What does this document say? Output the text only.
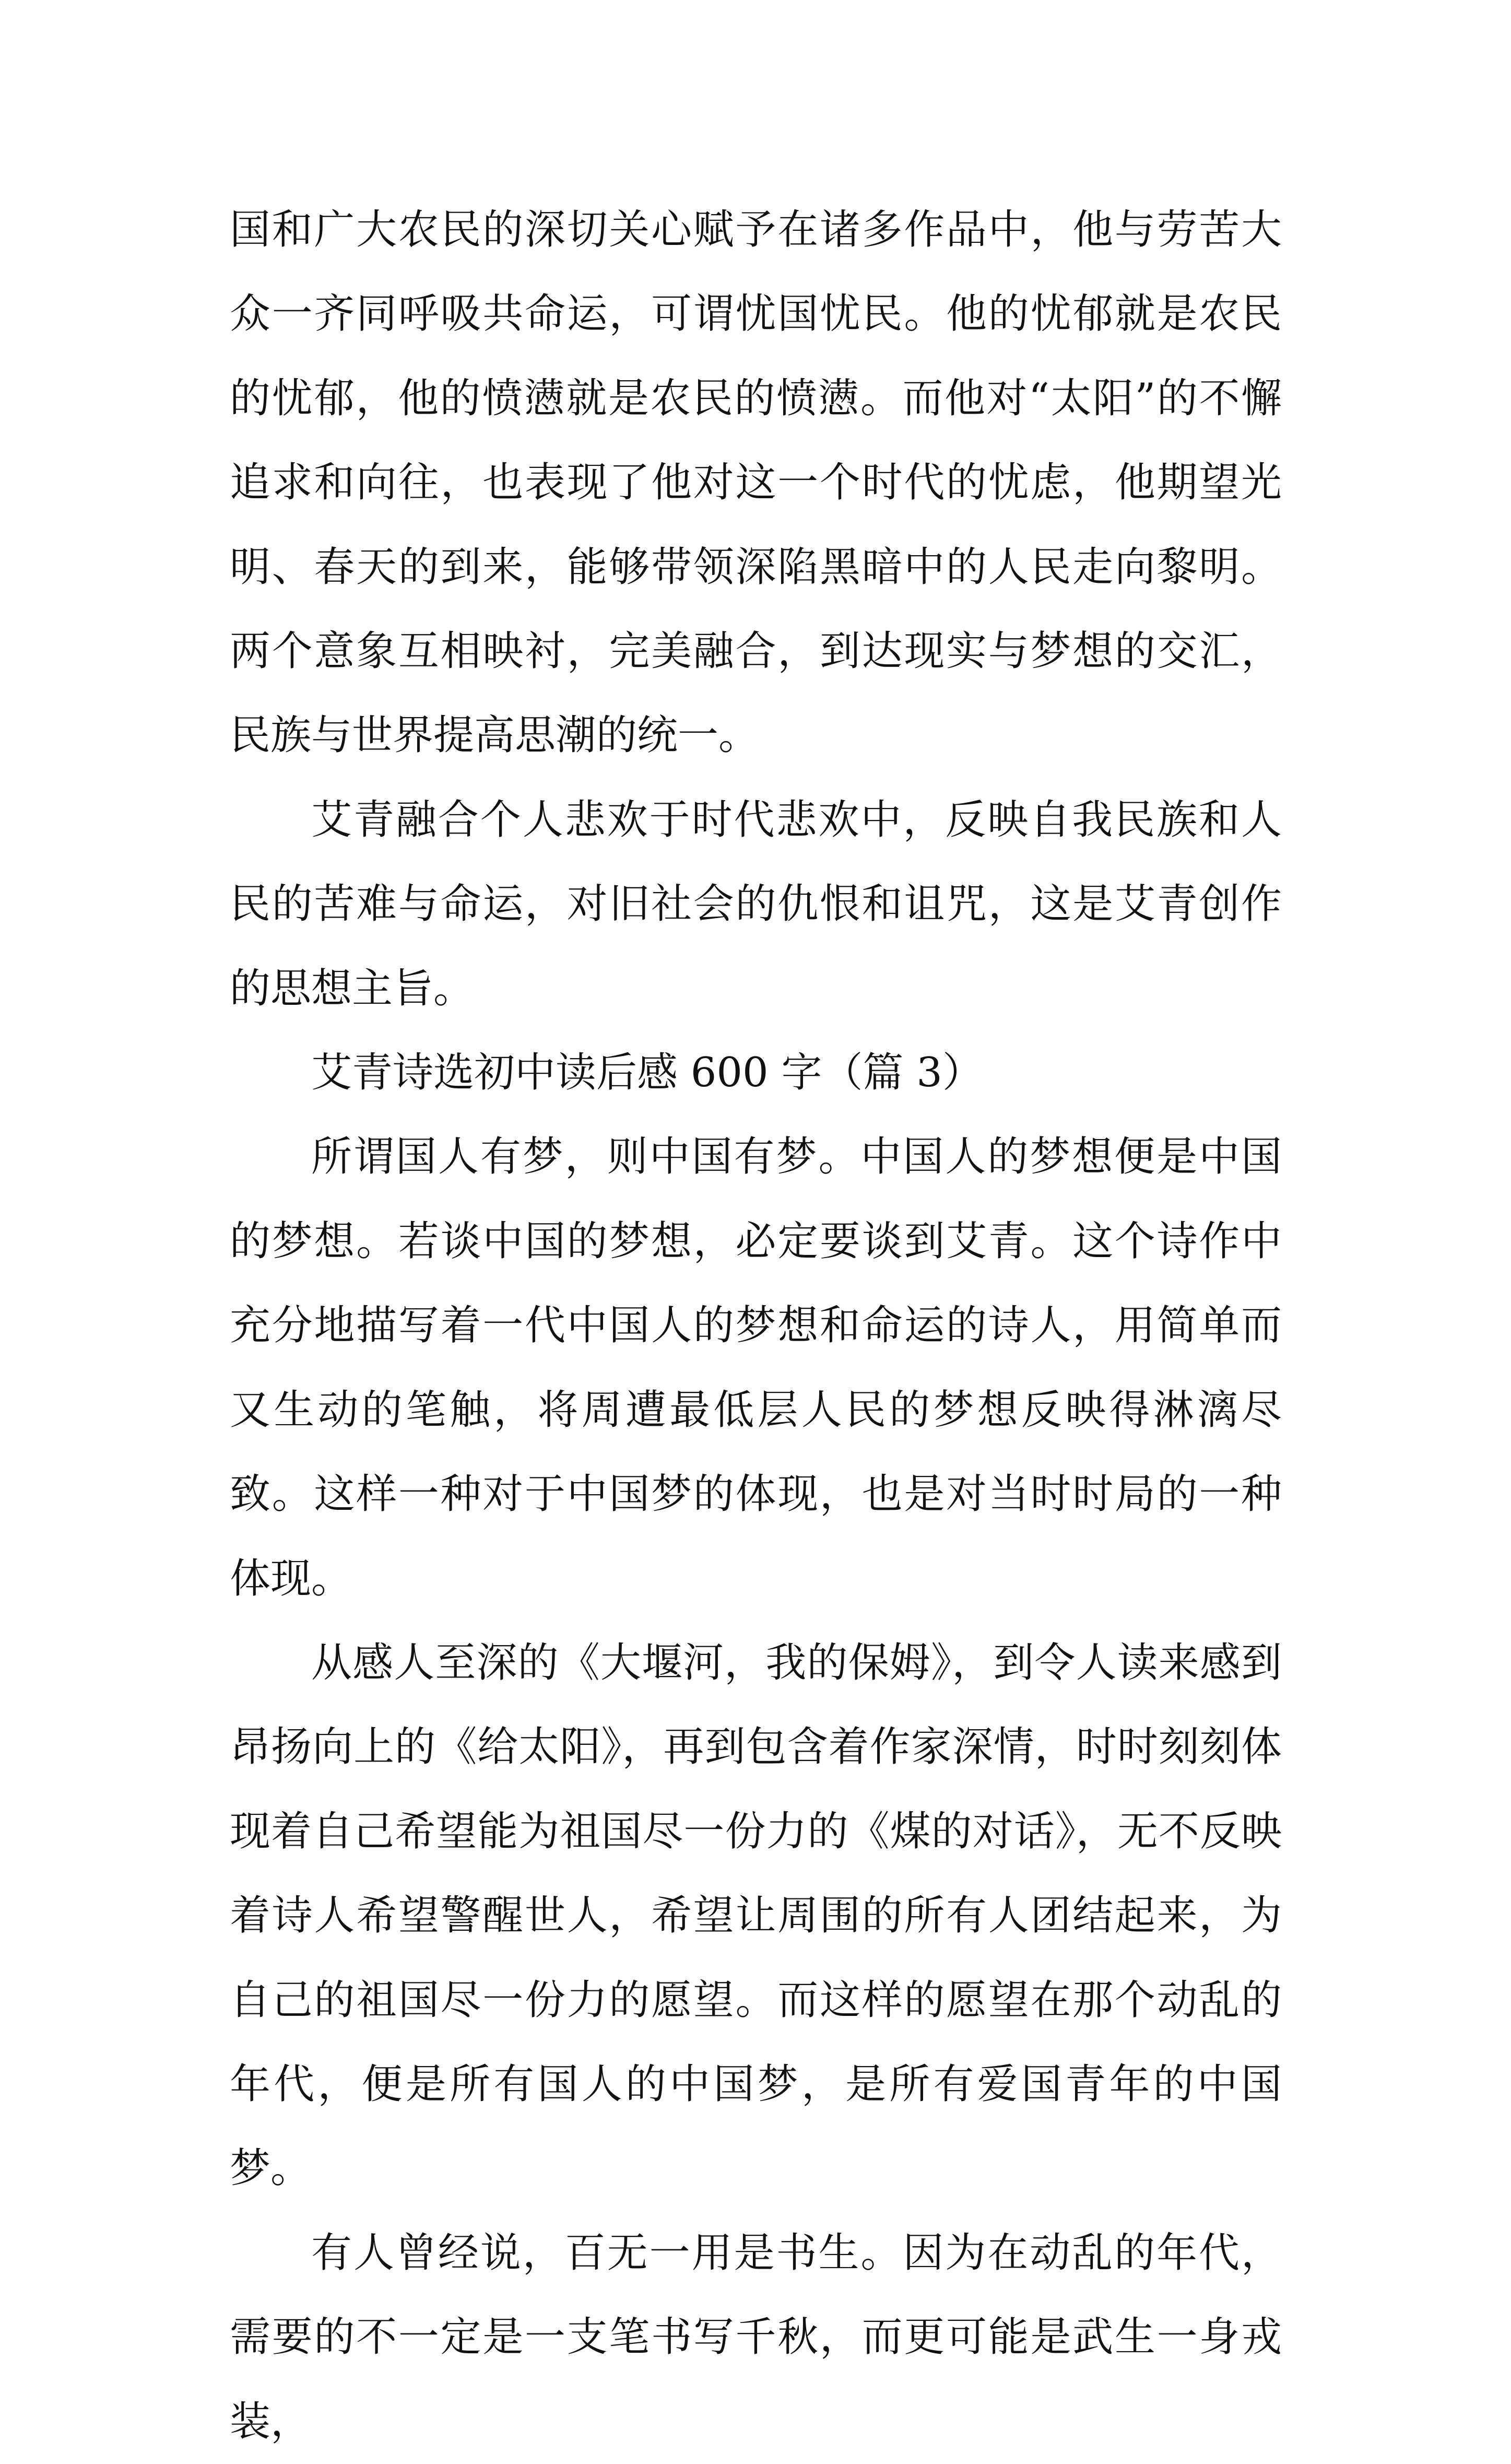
国和广大农民的深切关心赋予在诸多作品中，他与劳苦大众一齐同呼吸共命运，可谓忧国忧民。他的忧郁就是农民的忧郁，他的愤懑就是农民的愤懑。而他对“太阳”的不懈追求和向往，也表现了他对这一个时代的忧虑，他期望光明、春天的到来，能够带领深陷黑暗中的人民走向黎明。两个意象互相映衬，完美融合，到达现实与梦想的交汇，民族与世界提高思潮的统一。

艾青融合个人悲欢于时代悲欢中，反映自我民族和人民的苦难与命运，对旧社会的仇恨和诅咒，这是艾青创作的思想主旨。

艾青诗选初中读后感 600 字（篇 3）

所谓国人有梦，则中国有梦。中国人的梦想便是中国的梦想。若谈中国的梦想，必定要谈到艾青。这个诗作中充分地描写着一代中国人的梦想和命运的诗人，用简单而又生动的笔触，将周遭最低层人民的梦想反映得淋漓尽致。这样一种对于中国梦的体现，也是对当时时局的一种体现。

从感人至深的《大堰河，我的保姆》，到令人读来感到昂扬向上的《给太阳》，再到包含着作家深情，时时刻刻体现着自己希望能为祖国尽一份力的《煤的对话》，无不反映着诗人希望警醒世人，希望让周围的所有人团结起来，为自己的祖国尽一份力的愿望。而这样的愿望在那个动乱的年代，便是所有国人的中国梦，是所有爱国青年的中国梦。

有人曾经说，百无一用是书生。因为在动乱的年代，需要的不一定是一支笔书写千秋，而更可能是武生一身戎装，
